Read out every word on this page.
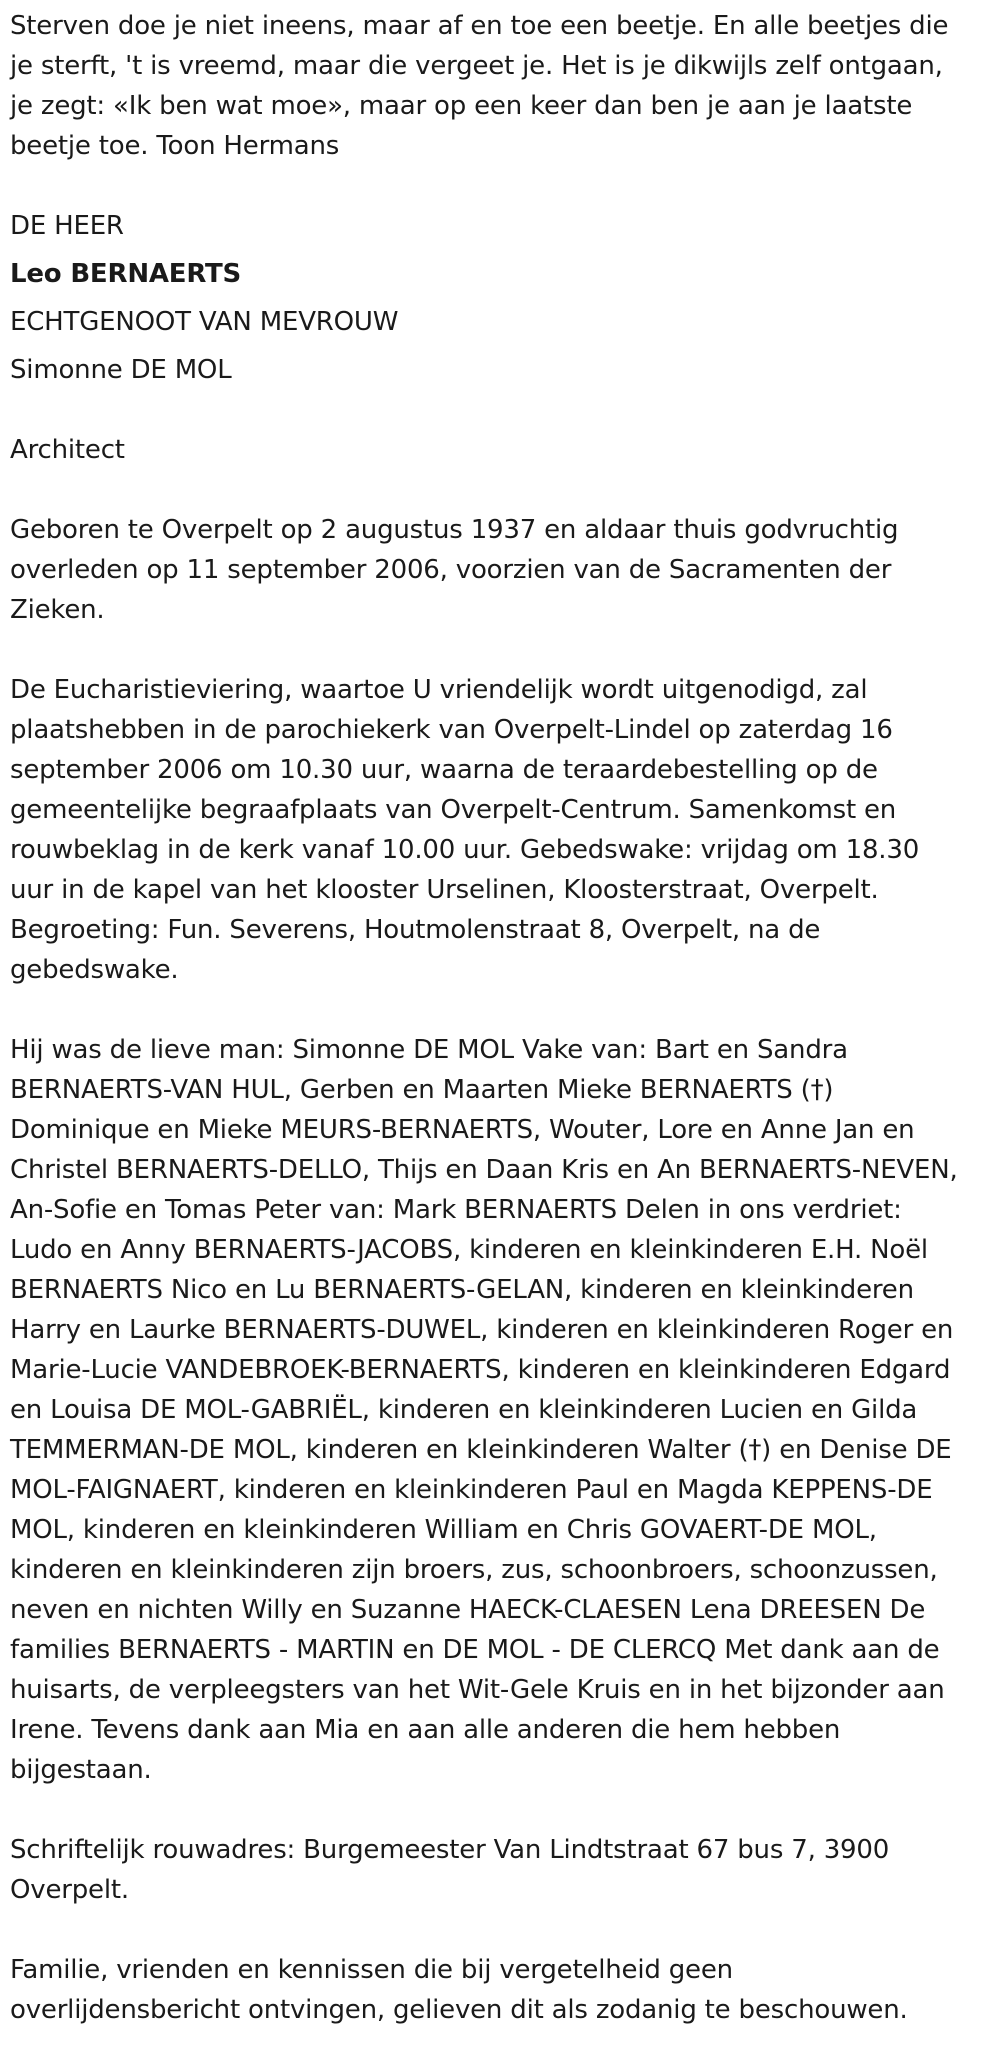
Sterven doe je niet ineens, maar af en toe een beetje. En alle beetjes die je sterft, 't is vreemd, maar die vergeet je. Het is je dikwijls zelf ontgaan, je zegt: «Ik ben wat moe», maar op een keer dan ben je aan je laatste beetje toe. Toon Hermans

DE HEER
Leo BERNAERTS
ECHTGENOOT VAN MEVROUW
Simonne DE MOL

Architect

Geboren te Overpelt op 2 augustus 1937 en aldaar thuis godvruchtig overleden op 11 september 2006, voorzien van de Sacramenten der Zieken.

De Eucharistieviering, waartoe U vriendelijk wordt uitgenodigd, zal plaatshebben in de parochiekerk van Overpelt-Lindel op zaterdag 16 september 2006 om 10.30 uur, waarna de teraardebestelling op de gemeentelijke begraafplaats van Overpelt-Centrum. Samenkomst en rouwbeklag in de kerk vanaf 10.00 uur. Gebedswake: vrijdag om 18.30 uur in de kapel van het klooster Urselinen, Kloosterstraat, Overpelt. Begroeting: Fun. Severens, Houtmolenstraat 8, Overpelt, na de gebedswake.

Hij was de lieve man: Simonne DE MOL Vake van: Bart en Sandra BERNAERTS-VAN HUL, Gerben en Maarten Mieke BERNAERTS (†) Dominique en Mieke MEURS-BERNAERTS, Wouter, Lore en Anne Jan en Christel BERNAERTS-DELLO, Thijs en Daan Kris en An BERNAERTS-NEVEN, An-Sofie en Tomas Peter van: Mark BERNAERTS Delen in ons verdriet: Ludo en Anny BERNAERTS-JACOBS, kinderen en kleinkinderen E.H. Noël BERNAERTS Nico en Lu BERNAERTS-GELAN, kinderen en kleinkinderen Harry en Laurke BERNAERTS-DUWEL, kinderen en kleinkinderen Roger en Marie-Lucie VANDEBROEK-BERNAERTS, kinderen en kleinkinderen Edgard en Louisa DE MOL-GABRIËL, kinderen en kleinkinderen Lucien en Gilda TEMMERMAN-DE MOL, kinderen en kleinkinderen Walter (†) en Denise DE MOL-FAIGNAERT, kinderen en kleinkinderen Paul en Magda KEPPENS-DE MOL, kinderen en kleinkinderen William en Chris GOVAERT-DE MOL, kinderen en kleinkinderen zijn broers, zus, schoonbroers, schoonzussen, neven en nichten Willy en Suzanne HAECK-CLAESEN Lena DREESEN De families BERNAERTS - MARTIN en DE MOL - DE CLERCQ Met dank aan de huisarts, de verpleegsters van het Wit-Gele Kruis en in het bijzonder aan Irene. Tevens dank aan Mia en aan alle anderen die hem hebben bijgestaan.

Schriftelijk rouwadres: Burgemeester Van Lindtstraat 67 bus 7, 3900 Overpelt.

Familie, vrienden en kennissen die bij vergetelheid geen overlijdensbericht ontvingen, gelieven dit als zodanig te beschouwen.
